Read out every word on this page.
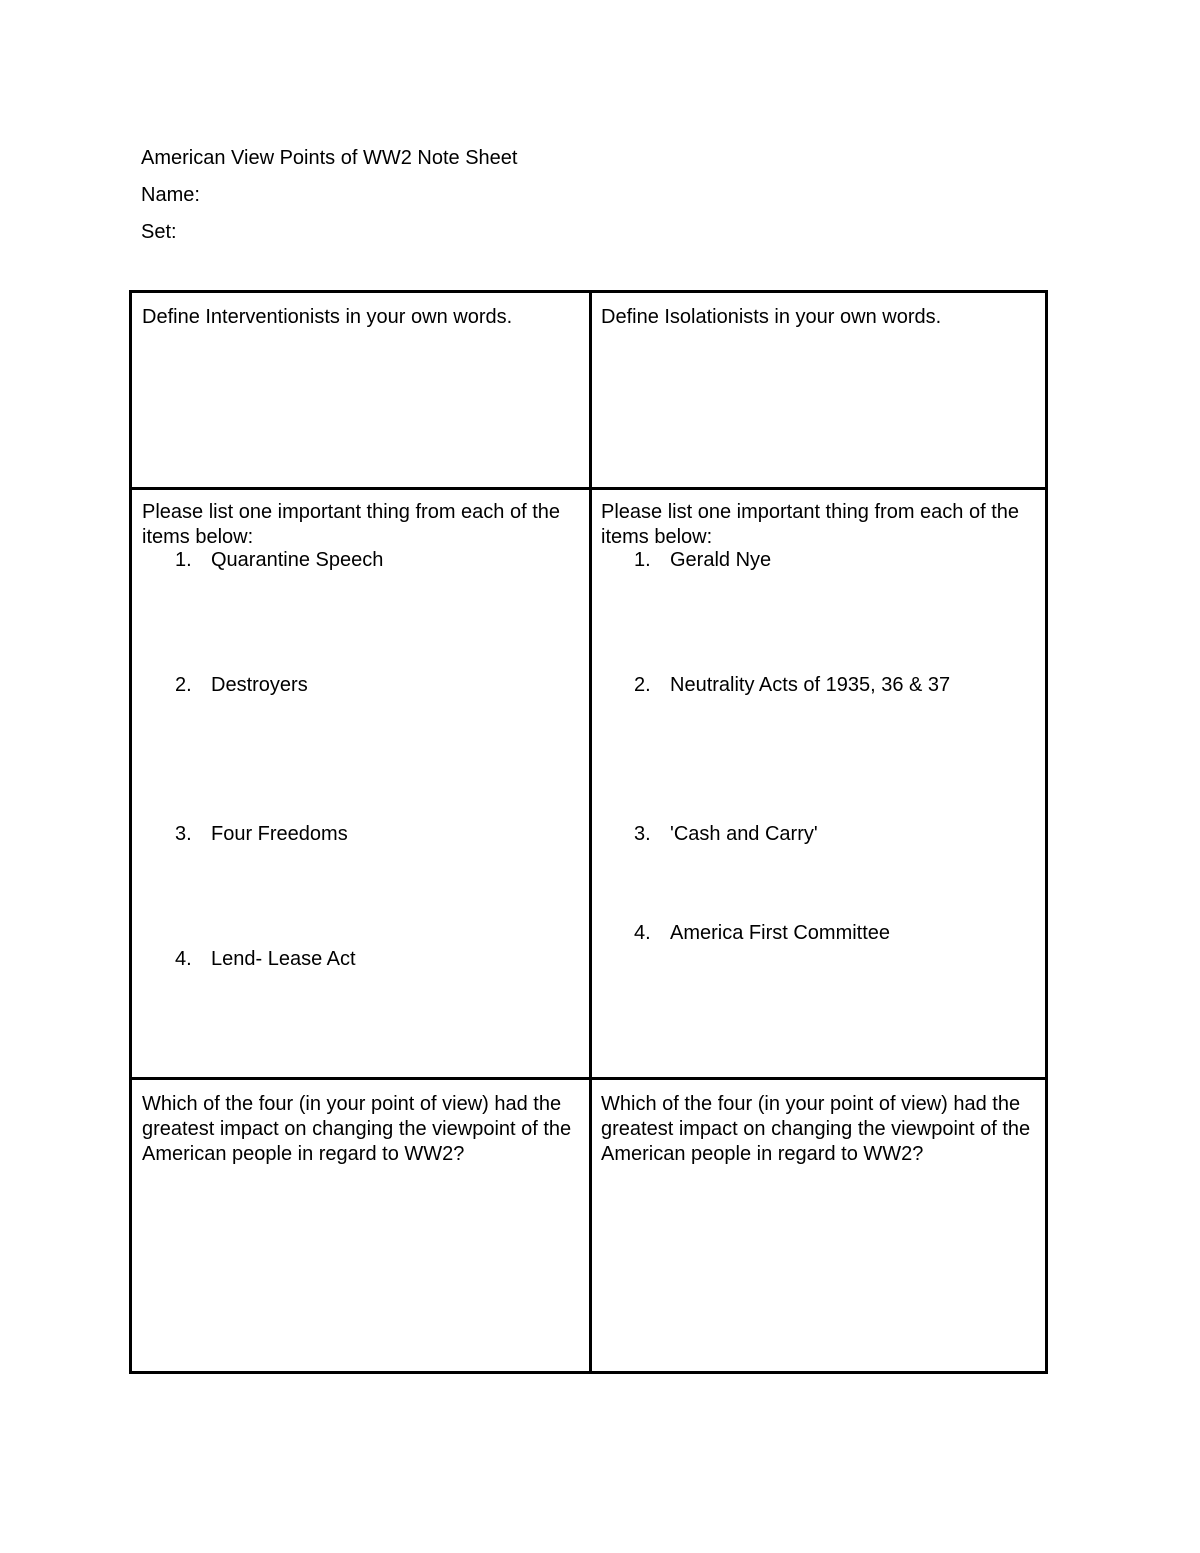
American View Points of WW2 Note Sheet
Name:
Set:
Define Interventionists in your own words.	Define Isolationists in your own words.
Please list one important thing from each of the items below:
Please list one important thing from each of the items below:
1. Quarantine Speech
2. Destroyers
3. Four Freedoms
4. Lend- Lease Act
1. Gerald Nye
2. Neutrality Acts of 1935, 36 & 37
3. 'Cash and Carry'
4. America First Committee
Which of the four (in your point of view) had the greatest impact on changing the viewpoint of the American people in regard to WW2?
Which of the four (in your point of view) had the greatest impact on changing the viewpoint of the American people in regard to WW2?
